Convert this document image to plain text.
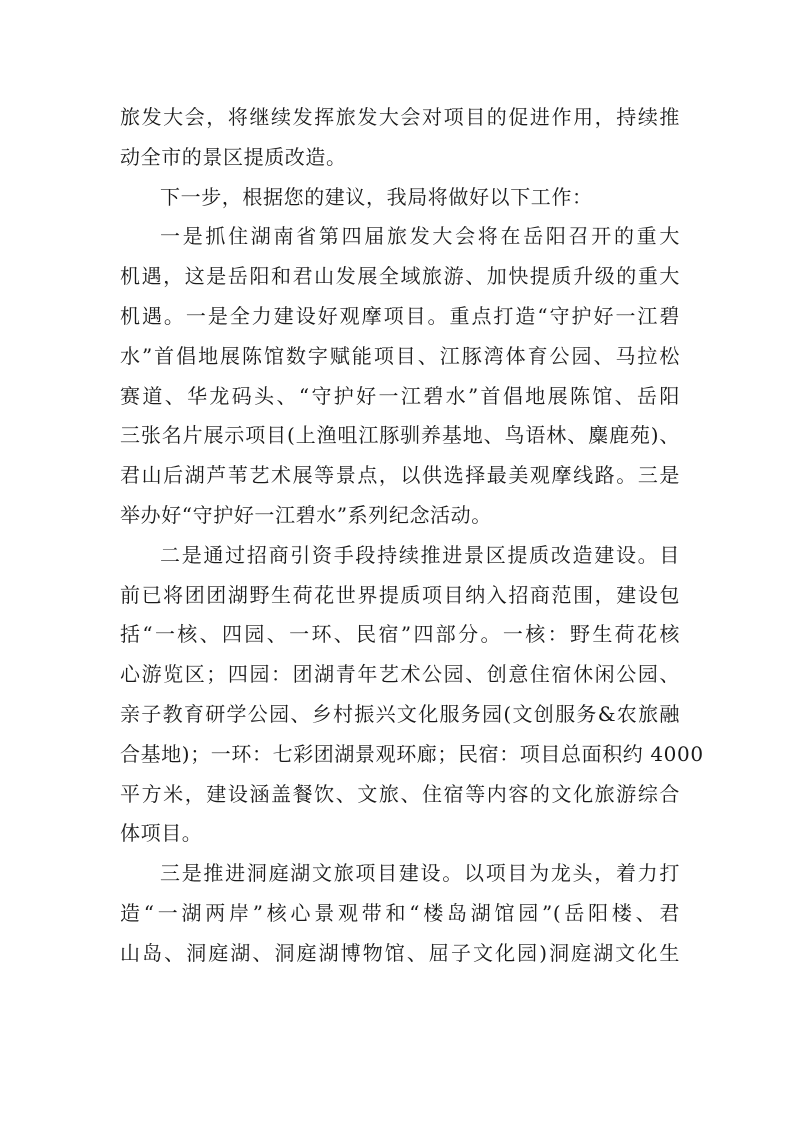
旅发大会，将继续发挥旅发大会对项目的促进作用，持续推
动全市的景区提质改造。
下一步，根据您的建议，我局将做好以下工作：
一是抓住湖南省第四届旅发大会将在岳阳召开的重大
机遇，这是岳阳和君山发展全域旅游、加快提质升级的重大
机遇。一是全力建设好观摩项目。重点打造“守护好一江碧
水”首倡地展陈馆数字赋能项目、江豚湾体育公园、马拉松
赛道、华龙码头、“守护好一江碧水”首倡地展陈馆、岳阳
三张名片展示项目(上渔咀江豚驯养基地、鸟语林、麋鹿苑)、
君山后湖芦苇艺术展等景点，以供选择最美观摩线路。三是
举办好“守护好一江碧水”系列纪念活动。
二是通过招商引资手段持续推进景区提质改造建设。目
前已将团团湖野生荷花世界提质项目纳入招商范围，建设包
括“一核、四园、一环、民宿”四部分。一核：野生荷花核
心游览区；四园：团湖青年艺术公园、创意住宿休闲公园、
亲子教育研学公园、乡村振兴文化服务园(文创服务&农旅融
合基地)；一环：七彩团湖景观环廊；民宿：项目总面积约 4000
平方米，建设涵盖餐饮、文旅、住宿等内容的文化旅游综合
体项目。
三是推进洞庭湖文旅项目建设。以项目为龙头，着力打
造“一湖两岸”核心景观带和“楼岛湖馆园”(岳阳楼、君
山岛、洞庭湖、洞庭湖博物馆、屈子文化园)洞庭湖文化生
